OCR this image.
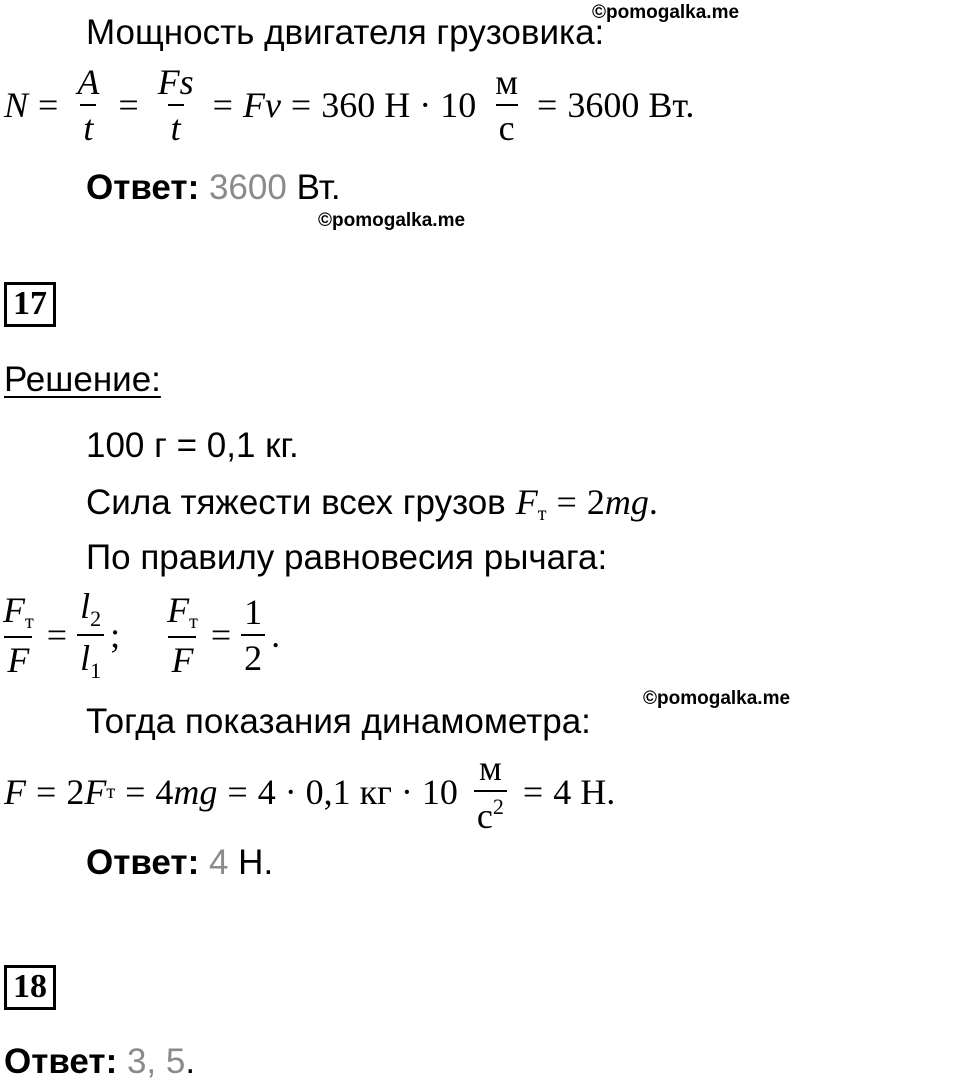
©pomogalka.me
©pomogalka.me
©pomogalka.me
Мощность двигателя грузовика:
$N = \frac{A}{t} = \frac{Fs}{t} = Fv = 360$ $Н \cdot 10 \frac{м}{с} = 3600$ Вт.
Ответ: 3600 Вт.
17
Решение:
100 г = 0,1 кг.
Сила тяжести всех грузов Fт = 2mg.
По правилу равновесия рычага:
$\frac{Fт}{F} = \frac{l_2}{l_1}$ ; $\frac{Fт}{F} = \frac{1}{2}$ .
Тогда показания динамометра:
F = 2 F т = 4 mg = 4 · 0,1 кг · $10 \frac{м}{с^2} = 4$ Н.
Ответ: 4 Н.
18
Ответ: 3, 5.
